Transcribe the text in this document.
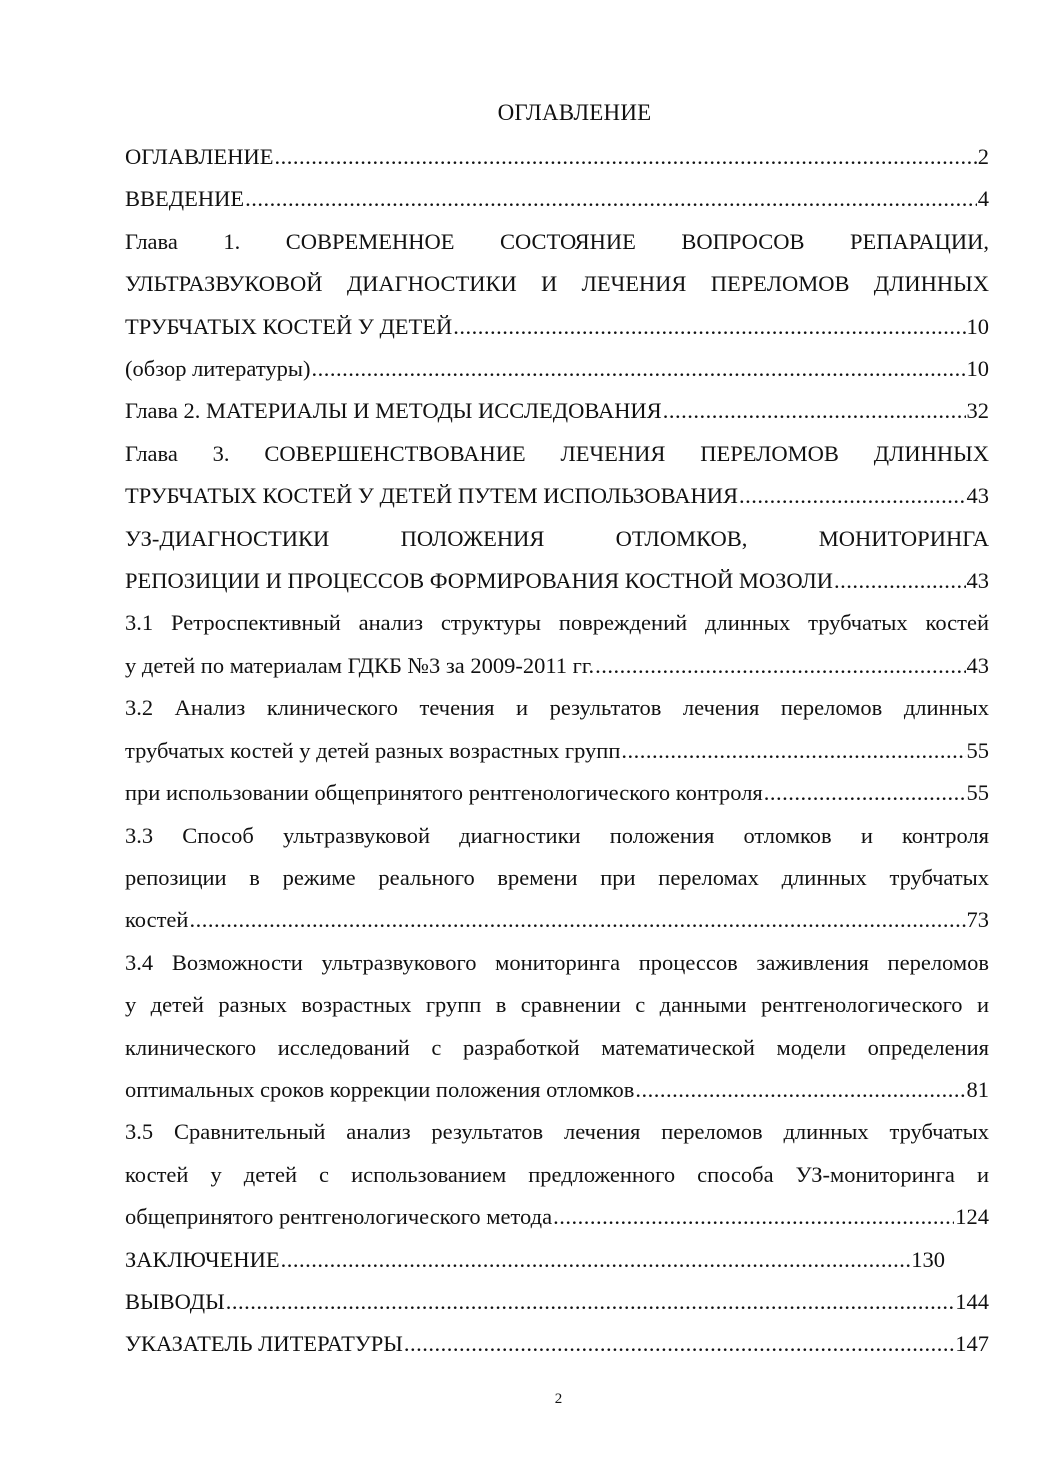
ОГЛАВЛЕНИЕ
ОГЛАВЛЕНИЕ .....	2
ВВЕДЕНИЕ .....	4
Глава 1. СОВРЕМЕННОЕ СОСТОЯНИЕ ВОПРОСОВ РЕПАРАЦИИ,
УЛЬТРАЗВУКОВОЙ ДИАГНОСТИКИ И ЛЕЧЕНИЯ ПЕРЕЛОМОВ ДЛИННЫХ
ТРУБЧАТЫХ КОСТЕЙ У ДЕТЕЙ .....	10
(обзор литературы) .....	10
Глава 2. МАТЕРИАЛЫ И МЕТОДЫ ИССЛЕДОВАНИЯ .....	32
Глава 3. СОВЕРШЕНСТВОВАНИЕ ЛЕЧЕНИЯ ПЕРЕЛОМОВ ДЛИННЫХ
ТРУБЧАТЫХ КОСТЕЙ У ДЕТЕЙ ПУТЕМ ИСПОЛЬЗОВАНИЯ .....	43
УЗ-ДИАГНОСТИКИ ПОЛОЖЕНИЯ ОТЛОМКОВ, МОНИТОРИНГА
РЕПОЗИЦИИ И ПРОЦЕССОВ ФОРМИРОВАНИЯ КОСТНОЙ МОЗОЛИ .....	43
3.1 Ретроспективный анализ структуры повреждений длинных трубчатых костей
у детей по материалам ГДКБ №3 за 2009-2011 гг. .....	43
3.2 Анализ клинического течения и результатов лечения переломов длинных
трубчатых костей у детей разных возрастных групп .....	55
при использовании общепринятого рентгенологического контроля .....	55
3.3 Способ ультразвуковой диагностики положения отломков и контроля
репозиции в режиме реального времени при переломах длинных трубчатых
костей .....	73
3.4 Возможности ультразвукового мониторинга процессов заживления переломов
у детей разных возрастных групп в сравнении с данными рентгенологического и
клинического исследований с разработкой математической модели определения
оптимальных сроков коррекции положения отломков .....	81
3.5 Сравнительный анализ результатов лечения переломов длинных трубчатых
костей у детей с использованием предложенного способа УЗ-мониторинга и
общепринятого рентгенологического метода .....	124
ЗАКЛЮЧЕНИЕ .....	130
ВЫВОДЫ .....	144
УКАЗАТЕЛЬ ЛИТЕРАТУРЫ .....	147
2
